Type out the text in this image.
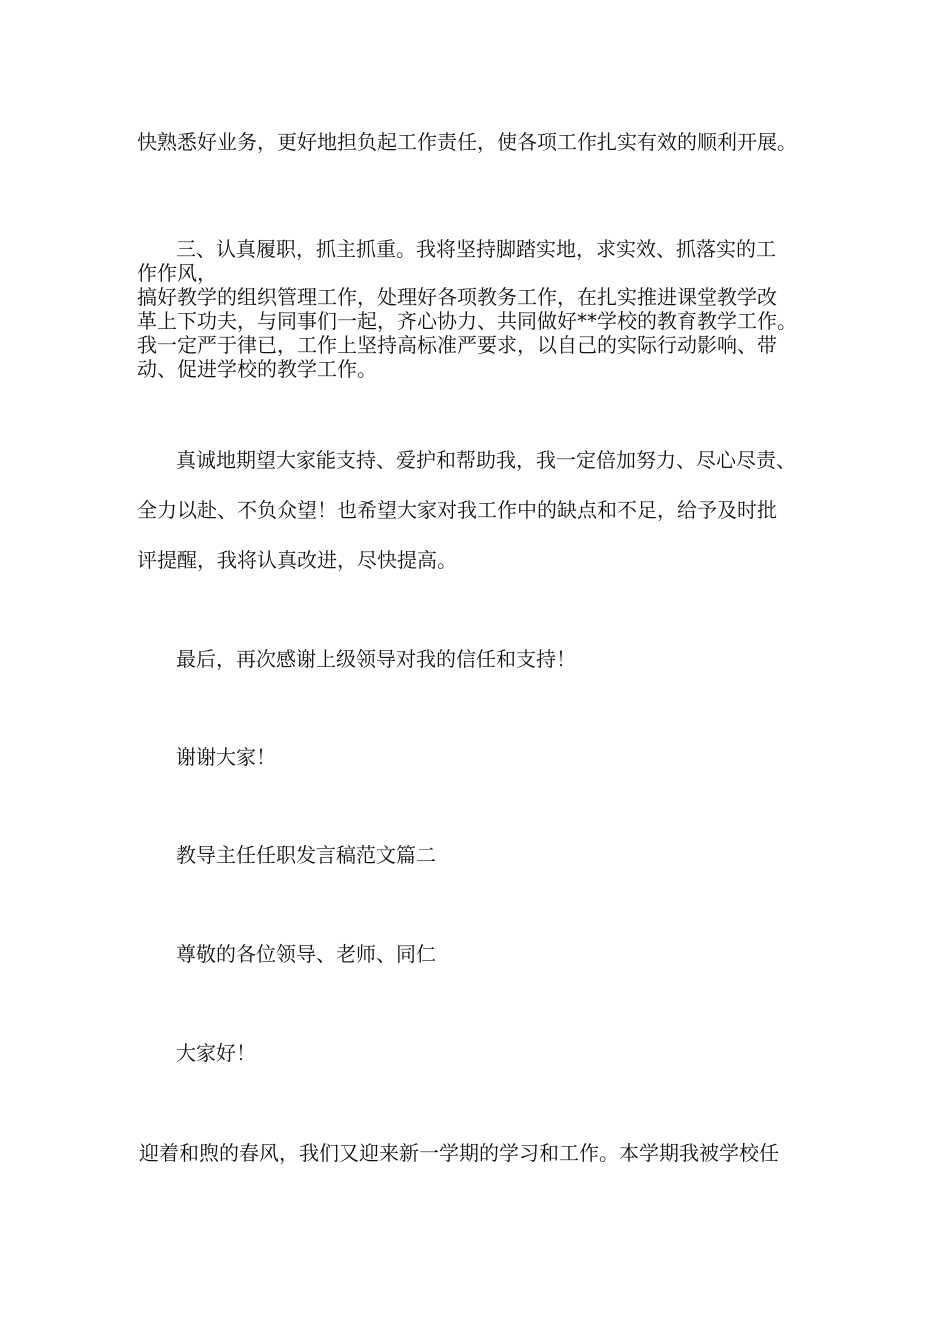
快熟悉好业务，更好地担负起工作责任，使各项工作扎实有效的顺利开展。

三、认真履职，抓主抓重。我将坚持脚踏实地，求实效、抓落实的工

作作风，

搞好教学的组织管理工作，处理好各项教务工作，在扎实推进课堂教学改

革上下功夫，与同事们一起，齐心协力、共同做好**学校的教育教学工作。

我一定严于律已，工作上坚持高标准严要求，以自己的实际行动影响、带

动、促进学校的教学工作。

真诚地期望大家能支持、爱护和帮助我，我一定倍加努力、尽心尽责、

全力以赴、不负众望！也希望大家对我工作中的缺点和不足，给予及时批

评提醒，我将认真改进，尽快提高。

最后，再次感谢上级领导对我的信任和支持！

谢谢大家！

教导主任任职发言稿范文篇二

尊敬的各位领导、老师、同仁

大家好！

迎着和煦的春风，我们又迎来新一学期的学习和工作。本学期我被学校任
